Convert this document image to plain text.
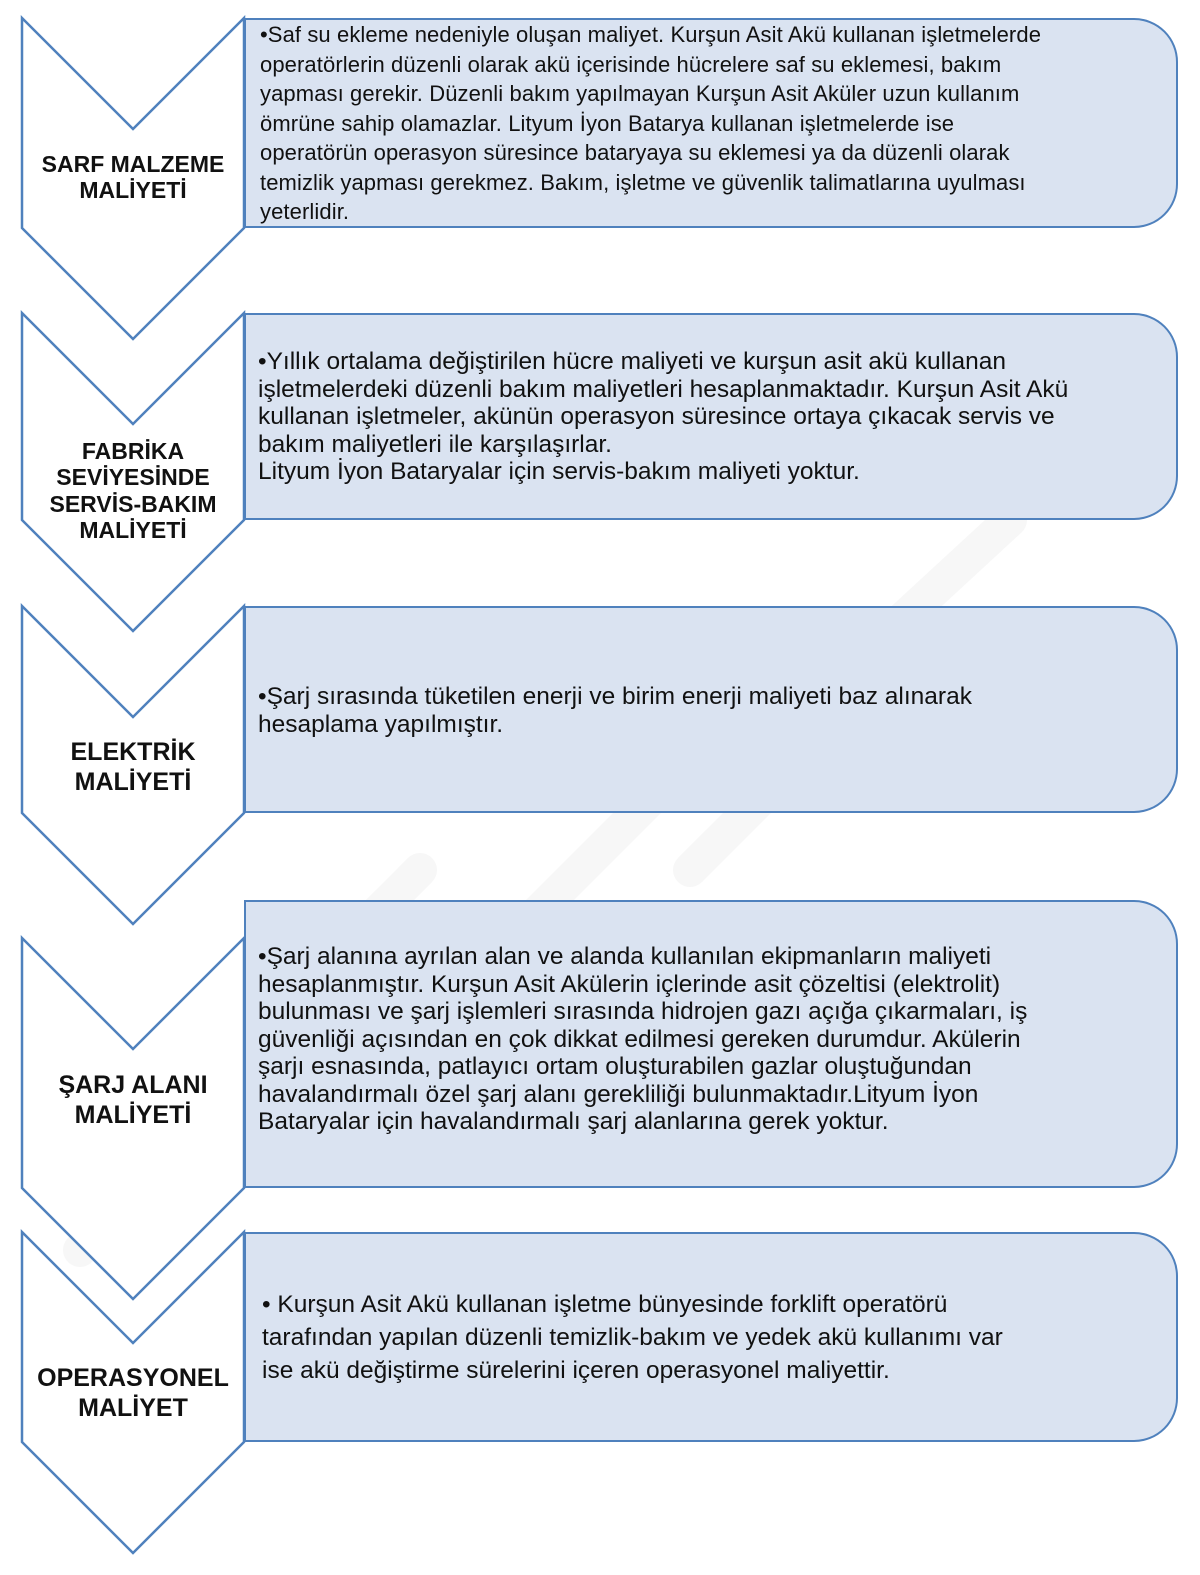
SARF MALZEME
MALİYETİ
•Saf su ekleme nedeniyle oluşan maliyet. Kurşun Asit Akü kullanan işletmelerde
operatörlerin düzenli olarak akü içerisinde hücrelere saf su eklemesi, bakım
yapması gerekir. Düzenli bakım yapılmayan Kurşun Asit Aküler uzun kullanım
ömrüne sahip olamazlar. Lityum İyon Batarya kullanan işletmelerde ise
operatörün operasyon süresince bataryaya su eklemesi ya da düzenli olarak
temizlik yapması gerekmez. Bakım, işletme ve güvenlik talimatlarına uyulması
yeterlidir.
FABRİKA
SEVİYESİNDE
SERVİS-BAKIM
MALİYETİ
•Yıllık ortalama değiştirilen hücre maliyeti ve kurşun asit akü kullanan
işletmelerdeki düzenli bakım maliyetleri hesaplanmaktadır. Kurşun Asit Akü
kullanan işletmeler, akünün operasyon süresince ortaya çıkacak servis ve
bakım maliyetleri ile karşılaşırlar.
Lityum İyon Bataryalar için servis-bakım maliyeti yoktur.
ELEKTRİK
MALİYETİ
•Şarj sırasında tüketilen enerji ve birim enerji maliyeti baz alınarak
hesaplama yapılmıştır.
ŞARJ ALANI
MALİYETİ
•Şarj alanına ayrılan alan ve alanda kullanılan ekipmanların maliyeti
hesaplanmıştır. Kurşun Asit Akülerin içlerinde asit çözeltisi (elektrolit)
bulunması ve şarj işlemleri sırasında hidrojen gazı açığa çıkarmaları, iş
güvenliği açısından en çok dikkat edilmesi gereken durumdur. Akülerin
şarjı esnasında, patlayıcı ortam oluşturabilen gazlar oluştuğundan
havalandırmalı özel şarj alanı gerekliliği bulunmaktadır.Lityum İyon
Bataryalar için havalandırmalı şarj alanlarına gerek yoktur.
OPERASYONEL
MALİYET
• Kurşun Asit Akü kullanan işletme bünyesinde forklift operatörü
tarafından yapılan düzenli temizlik-bakım ve yedek akü kullanımı var
ise akü değiştirme sürelerini içeren operasyonel maliyettir.
